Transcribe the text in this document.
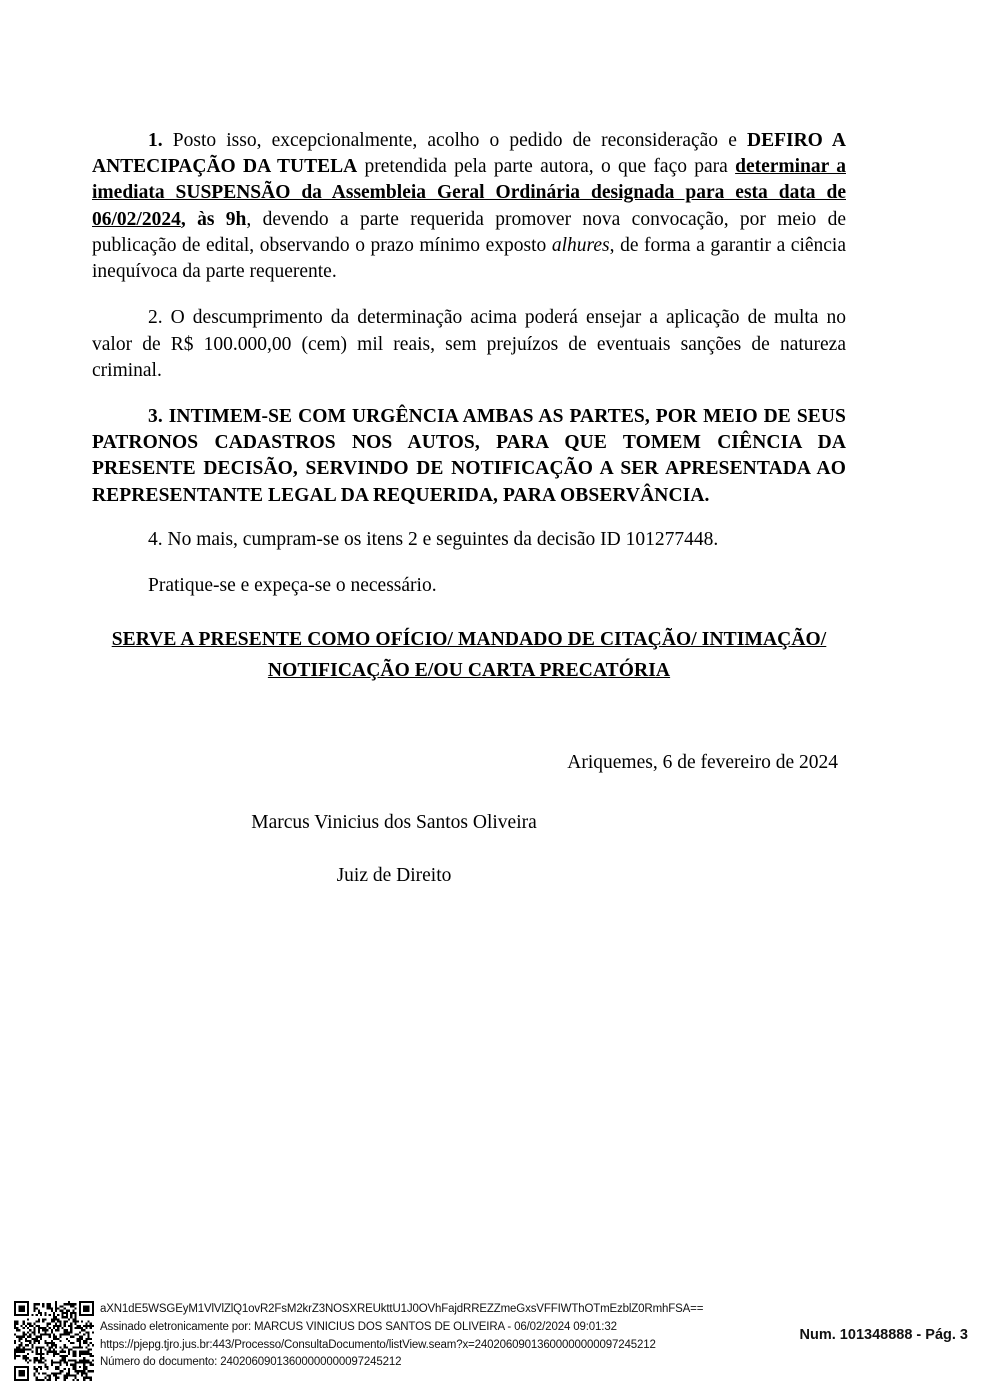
1. Posto isso, excepcionalmente, acolho o pedido de reconsideração e DEFIRO A ANTECIPAÇÃO DA TUTELA pretendida pela parte autora, o que faço para determinar a imediata SUSPENSÃO da Assembleia Geral Ordinária designada para esta data de 06/02/2024, às 9h, devendo a parte requerida promover nova convocação, por meio de publicação de edital, observando o prazo mínimo exposto alhures, de forma a garantir a ciência inequívoca da parte requerente.

2. O descumprimento da determinação acima poderá ensejar a aplicação de multa no valor de R$ 100.000,00 (cem) mil reais, sem prejuízos de eventuais sanções de natureza criminal.

3. INTIMEM-SE COM URGÊNCIA AMBAS AS PARTES, POR MEIO DE SEUS PATRONOS CADASTROS NOS AUTOS, PARA QUE TOMEM CIÊNCIA DA PRESENTE DECISÃO, SERVINDO DE NOTIFICAÇÃO A SER APRESENTADA AO REPRESENTANTE LEGAL DA REQUERIDA, PARA OBSERVÂNCIA.

4. No mais, cumpram-se os itens 2 e seguintes da decisão ID 101277448.

Pratique-se e expeça-se o necessário.

SERVE A PRESENTE COMO OFÍCIO/ MANDADO DE CITAÇÃO/ INTIMAÇÃO/
NOTIFICAÇÃO E/OU CARTA PRECATÓRIA
Ariquemes, 6 de fevereiro de 2024
Marcus Vinicius dos Santos Oliveira
Juiz de Direito
aXN1dE5WSGEyM1VlVlZlQ1ovR2FsM2krZ3NOSXREUkttU1J0OVhFajdRREZZmeGxsVFFIWThOTmEzblZ0RmhFSA==
Assinado eletronicamente por: MARCUS VINICIUS DOS SANTOS DE OLIVEIRA - 06/02/2024 09:01:32
https://pjepg.tjro.jus.br:443/Processo/ConsultaDocumento/listView.seam?x=24020609013600000000097245212
Número do documento: 24020609013600000000097245212
Num. 101348888 - Pág. 3
